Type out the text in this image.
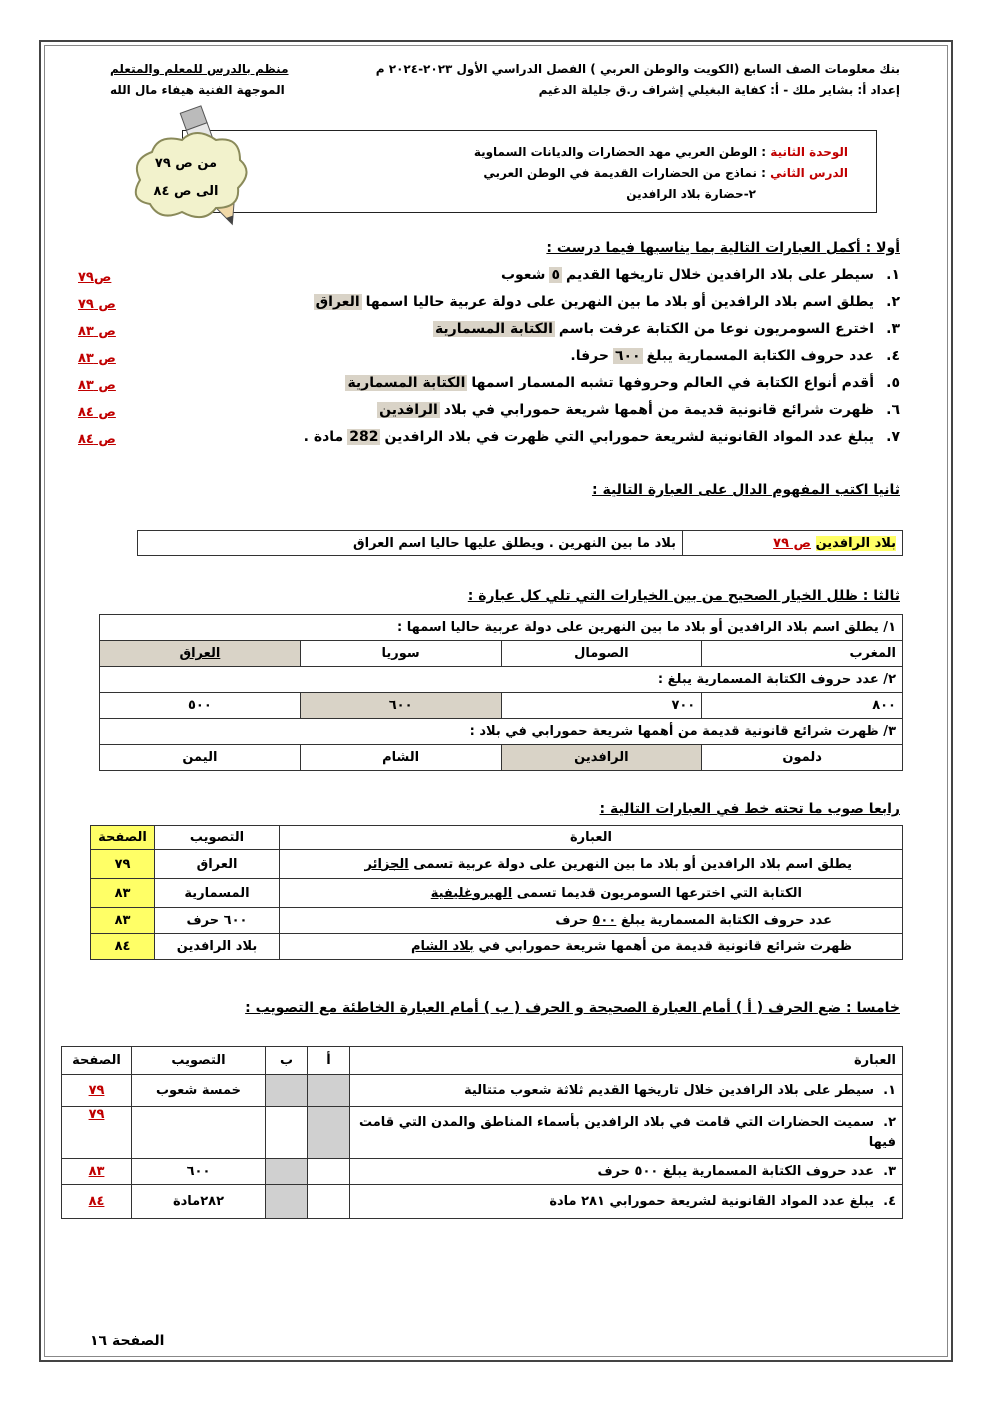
بنك معلومات الصف السابع (الكويت والوطن العربي ) الفصل الدراسي الأول ٢٠٢٣-٢٠٢٤ م
إعداد أ: بشاير ملك - أ: كفاية البغيلي إشراف ر.ق جليلة الدغيم
منظم بالدرس للمعلم والمتعلم
الموجهة الفنية هيفاء مال الله
الوحدة الثانية : الوطن العربي مهد الحضارات والديانات السماوية
الدرس الثاني : نماذج من الحضارات القديمة في الوطن العربي
٢-حضارة بلاد الرافدين
من ص ٧٩
الى ص ٨٤
أولا : أكمل العبارات التالية بما يناسبها فيما درست :
١.
سيطر على بلاد الرافدين خلال تاريخها القديم
٥
شعوب
ص٧٩
٢.
يطلق اسم بلاد الرافدين أو بلاد ما بين النهرين على دولة عربية حاليا اسمها
العراق
ص ٧٩
٣.
اخترع السومريون نوعا من الكتابة عرفت باسم
الكتابة المسمارية
ص ٨٣
٤.
عدد حروف الكتابة المسمارية يبلغ
٦٠٠
حرفا.
ص ٨٣
٥.
أقدم أنواع الكتابة في العالم وحروفها تشبه المسمار اسمها
الكتابة المسمارية
ص ٨٣
٦.
ظهرت شرائع قانونية قديمة من أهمها شريعة حمورابي في بلاد
الرافدين
ص ٨٤
٧.
يبلغ عدد المواد القانونية لشريعة حمورابي التي ظهرت في بلاد الرافدين
282
مادة .
ص ٨٤
ثانيا اكتب المفهوم الدال على العبارة التالية :
بلاد الرافدين ص ٧٩	بلاد ما بين النهرين . ويطلق عليها حاليا اسم العراق
ثالثا : ظلل الخيار الصحيح من بين الخيارات التي تلي كل عبارة :
١/ يطلق اسم بلاد الرافدين أو بلاد ما بين النهرين على دولة عربية حاليا اسمها :			
المغرب	الصومال	سوريا	العراق
٢/ عدد حروف الكتابة المسمارية يبلغ :			
٨٠٠	٧٠٠	٦٠٠	٥٠٠
٣/ ظهرت شرائع قانونية قديمة من أهمها شريعة حمورابي في بلاد :			
دلمون	الرافدين	الشام	اليمن
رابعا صوب ما تحته خط في العبارات التالية :
العبارة	التصويب	الصفحة
يطلق اسم بلاد الرافدين أو بلاد ما بين النهرين على دولة عربية تسمى الجزائر	العراق	٧٩
الكتابة التي اخترعها السومريون قديما تسمى الهيروغليفية	المسمارية	٨٣
عدد حروف الكتابة المسمارية يبلغ ٥٠٠ حرف	٦٠٠ حرف	٨٣
ظهرت شرائع قانونية قديمة من أهمها شريعة حمورابي في بلاد الشام	بلاد الرافدين	٨٤
خامسا : ضع الحرف ( أ ) أمام العبارة الصحيحة و الحرف ( ب ) أمام العبارة الخاطئة مع التصويب :
العبارة	أ	ب	التصويب	الصفحة
١.  سيطر على بلاد الرافدين خلال تاريخها القديم ثلاثة شعوب متتالية			خمسة شعوب	٧٩
٢.  سميت الحضارات التي قامت في بلاد الرافدين بأسماء المناطق والمدن التي قامت فيها				٧٩
٣.  عدد حروف الكتابة المسمارية يبلغ ٥٠٠ حرف			٦٠٠	٨٣
٤.  يبلغ عدد المواد القانونية لشريعة حمورابي ٢٨١ مادة			٢٨٢مادة	٨٤
الصفحة ١٦
